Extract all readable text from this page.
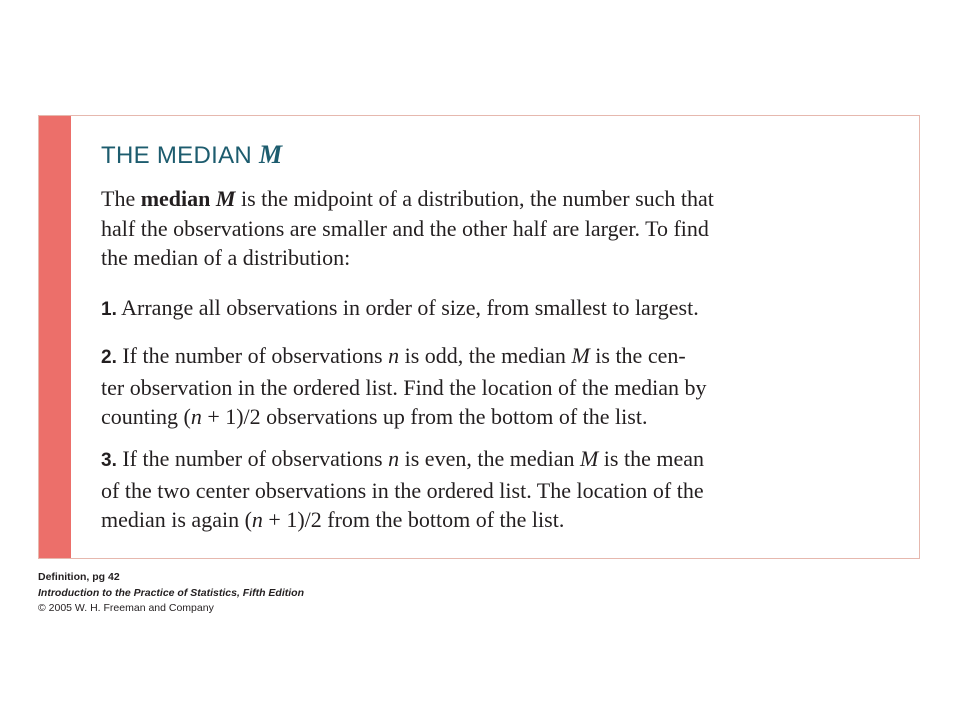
THE MEDIAN M
The median M is the midpoint of a distribution, the number such that
half the observations are smaller and the other half are larger. To find
the median of a distribution:
1. Arrange all observations in order of size, from smallest to largest.
2. If the number of observations n is odd, the median M is the cen-
ter observation in the ordered list. Find the location of the median by
counting (n + 1)/2 observations up from the bottom of the list.
3. If the number of observations n is even, the median M is the mean
of the two center observations in the ordered list. The location of the
median is again (n + 1)/2 from the bottom of the list.
Definition, pg 42
Introduction to the Practice of Statistics, Fifth Edition
© 2005 W. H. Freeman and Company
